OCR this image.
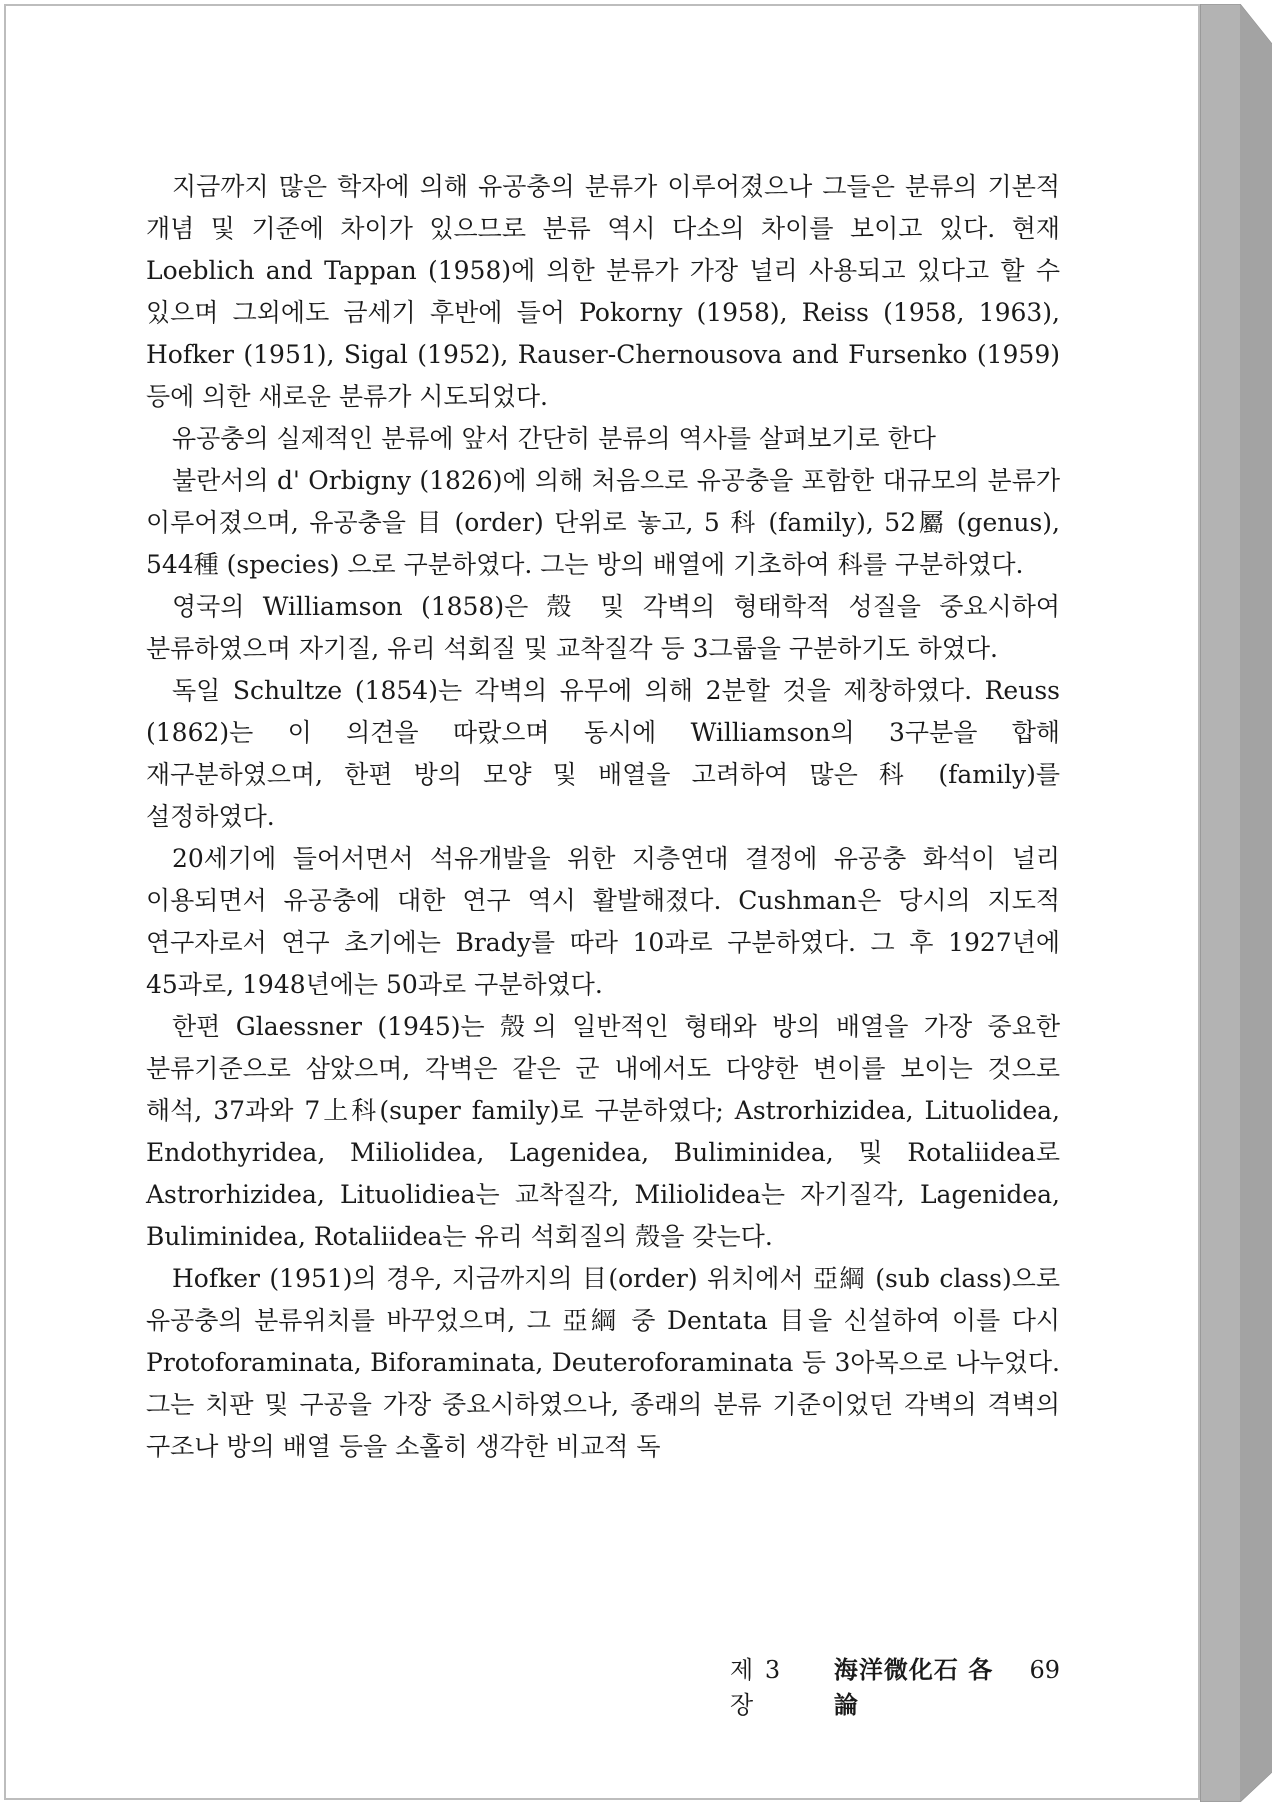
지금까지 많은 학자에 의해 유공충의 분류가 이루어졌으나 그들은 분류의 기본적 개념 및 기준에 차이가 있으므로 분류 역시 다소의 차이를 보이고 있다. 현재 Loeblich and Tappan (1958)에 의한 분류가 가장 널리 사용되고 있다고 할 수 있으며 그외에도 금세기 후반에 들어 Pokorny (1958), Reiss (1958, 1963), Hofker (1951), Sigal (1952), Rauser-Chernousova and Fursenko (1959) 등에 의한 새로운 분류가 시도되었다.

유공충의 실제적인 분류에 앞서 간단히 분류의 역사를 살펴보기로 한다

불란서의 d' Orbigny (1826)에 의해 처음으로 유공충을 포함한 대규모의 분류가 이루어졌으며, 유공충을 目 (order) 단위로 놓고, 5 科 (family), 52屬 (genus), 544種 (species) 으로 구분하였다. 그는 방의 배열에 기초하여 科를 구분하였다.

영국의 Williamson (1858)은 殼 및 각벽의 형태학적 성질을 중요시하여 분류하였으며 자기질, 유리 석회질 및 교착질각 등 3그룹을 구분하기도 하였다.

독일 Schultze (1854)는 각벽의 유무에 의해 2분할 것을 제창하였다. Reuss (1862)는 이 의견을 따랐으며 동시에 Williamson의 3구분을 합해 재구분하였으며, 한편 방의 모양 및 배열을 고려하여 많은 科 (family)를 설정하였다.

20세기에 들어서면서 석유개발을 위한 지층연대 결정에 유공충 화석이 널리 이용되면서 유공충에 대한 연구 역시 활발해졌다. Cushman은 당시의 지도적 연구자로서 연구 초기에는 Brady를 따라 10과로 구분하였다. 그 후 1927년에 45과로, 1948년에는 50과로 구분하였다.

한편 Glaessner (1945)는 殼의 일반적인 형태와 방의 배열을 가장 중요한 분류기준으로 삼았으며, 각벽은 같은 군 내에서도 다양한 변이를 보이는 것으로 해석, 37과와 7上科(super family)로 구분하였다; Astrorhizidea, Lituolidea, Endothyridea, Miliolidea, Lagenidea, Buliminidea, 및 Rotaliidea로 Astrorhizidea, Lituolidiea는 교착질각, Miliolidea는 자기질각, Lagenidea, Buliminidea, Rotaliidea는 유리 석회질의 殼을 갖는다.

Hofker (1951)의 경우, 지금까지의 目(order) 위치에서 亞綱 (sub class)으로 유공충의 분류위치를 바꾸었으며, 그 亞綱 중 Dentata 目을 신설하여 이를 다시 Protoforaminata, Biforaminata, Deuteroforaminata 등 3아목으로 나누었다. 그는 치판 및 구공을 가장 중요시하였으나, 종래의 분류 기준이었던 각벽의 격벽의 구조나 방의 배열 등을 소홀히 생각한 비교적 독

제 3 장
海洋微化石 各論
69
